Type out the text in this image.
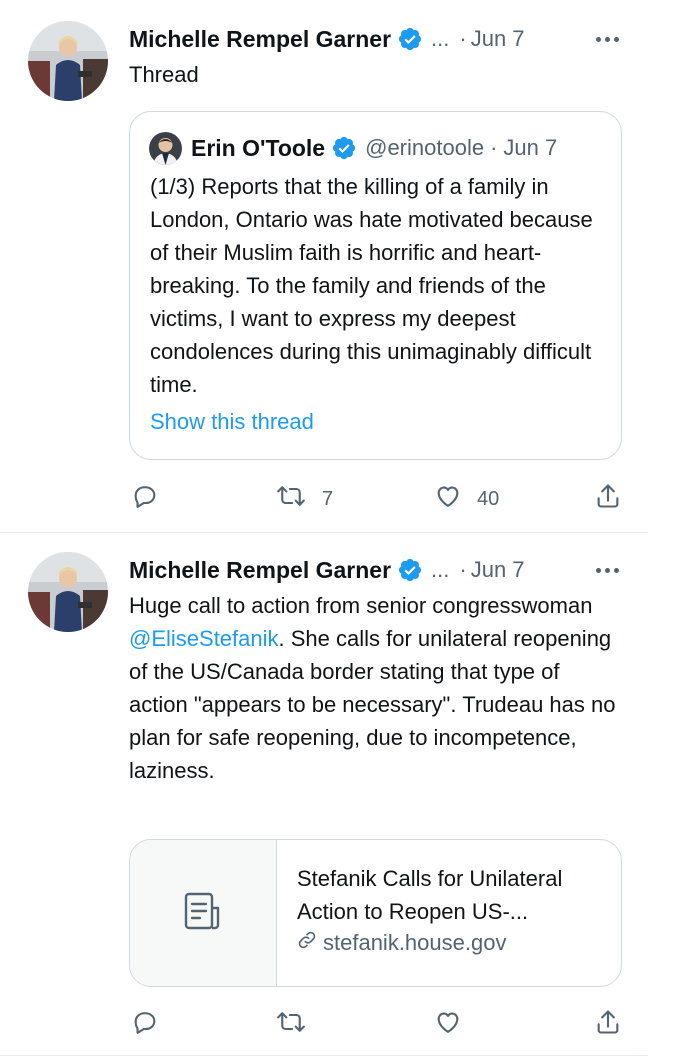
Michelle Rempel Garner ... · Jun 7
Thread
Erin O'Toole @erinotoole · Jun 7
(1/3) Reports that the killing of a family in London, Ontario was hate motivated because of their Muslim faith is horrific and heart-breaking. To the family and friends of the victims, I want to express my deepest condolences during this unimaginably difficult time.
Show this thread
7	40
Michelle Rempel Garner ... · Jun 7
Huge call to action from senior congresswoman @EliseStefanik. She calls for unilateral reopening of the US/Canada border stating that type of action "appears to be necessary". Trudeau has no plan for safe reopening, due to incompetence, laziness.
Stefanik Calls for Unilateral Action to Reopen US-...
stefanik.house.gov
